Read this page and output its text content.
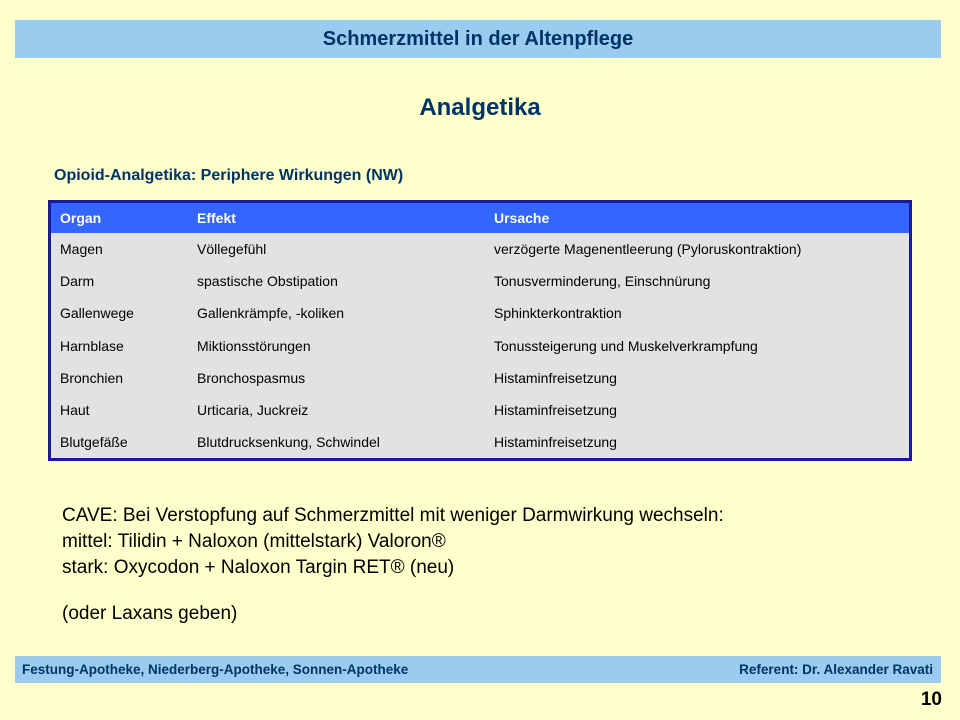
Schmerzmittel in der Altenpflege
Analgetika
Opioid-Analgetika: Periphere Wirkungen (NW)
Organ	Effekt	Ursache
Magen	Völlegefühl	verzögerte Magenentleerung (Pyloruskontraktion)
Darm	spastische Obstipation	Tonusverminderung, Einschnürung
Gallenwege	Gallenkrämpfe, -koliken	Sphinkterkontraktion
Harnblase	Miktionsstörungen	Tonussteigerung und Muskelverkrampfung
Bronchien	Bronchospasmus	Histaminfreisetzung
Haut	Urticaria, Juckreiz	Histaminfreisetzung
Blutgefäße	Blutdrucksenkung, Schwindel	Histaminfreisetzung
CAVE: Bei Verstopfung auf Schmerzmittel mit weniger Darmwirkung wechseln:
mittel: Tilidin + Naloxon (mittelstark) Valoron®
stark: Oxycodon + Naloxon Targin RET® (neu)
(oder Laxans geben)
Festung-Apotheke, Niederberg-Apotheke, Sonnen-Apotheke	Referent: Dr. Alexander Ravati
10
